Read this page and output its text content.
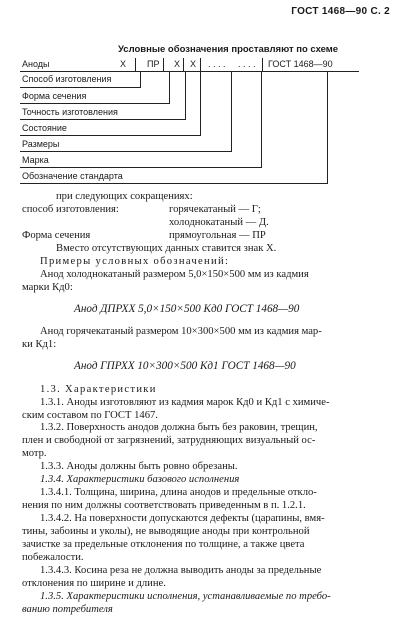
ГОСТ 1468—90 С. 2
Условные обозначения проставляют по схеме
Аноды	Х ПР Х Х . . . . . . . . ГОСТ 1468—90
Способ изготовления
Форма сечения
Точность изготовления
Состояние
Размеры
Марка
Обозначение стандарта
при следующих сокращениях:
способ изготовления:	горячекатаный — Г;
холоднокатаный — Д.
Форма сечения	прямоугольная — ПР
Вместо отсутствующих данных ставится знак Х.
Примеры условных обозначений:
Анод холоднокатаный размером 5,0×150×500 мм из кадмия
марки Кд0:
Анод ДПРХХ 5,0×150×500 Кд0 ГОСТ 1468—90
Анод горячекатаный размером 10×300×500 мм из кадмия мар-
ки Кд1:
Анод ГПРХХ 10×300×500 Кд1 ГОСТ 1468—90
1.3. Характеристики
1.3.1. Аноды изготовляют из кадмия марок Кд0 и Кд1 с химиче-
ским составом по ГОСТ 1467.
1.3.2. Поверхность анодов должна быть без раковин, трещин,
плен и свободной от загрязнений, затрудняющих визуальный ос-
мотр.
1.3.3. Аноды должны быть ровно обрезаны.
1.3.4. Характеристики базового исполнения
1.3.4.1. Толщина, ширина, длина анодов и предельные откло-
нения по ним должны соответствовать приведенным в п. 1.2.1.
1.3.4.2. На поверхности допускаются дефекты (царапины, вмя-
тины, забоины и уколы), не выводящие аноды при контрольной
зачистке за предельные отклонения по толщине, а также цвета
побежалости.
1.3.4.3. Косина реза не должна выводить аноды за предельные
отклонения по ширине и длине.
1.3.5. Характеристики исполнения, устанавливаемые по требо-
ванию потребителя
